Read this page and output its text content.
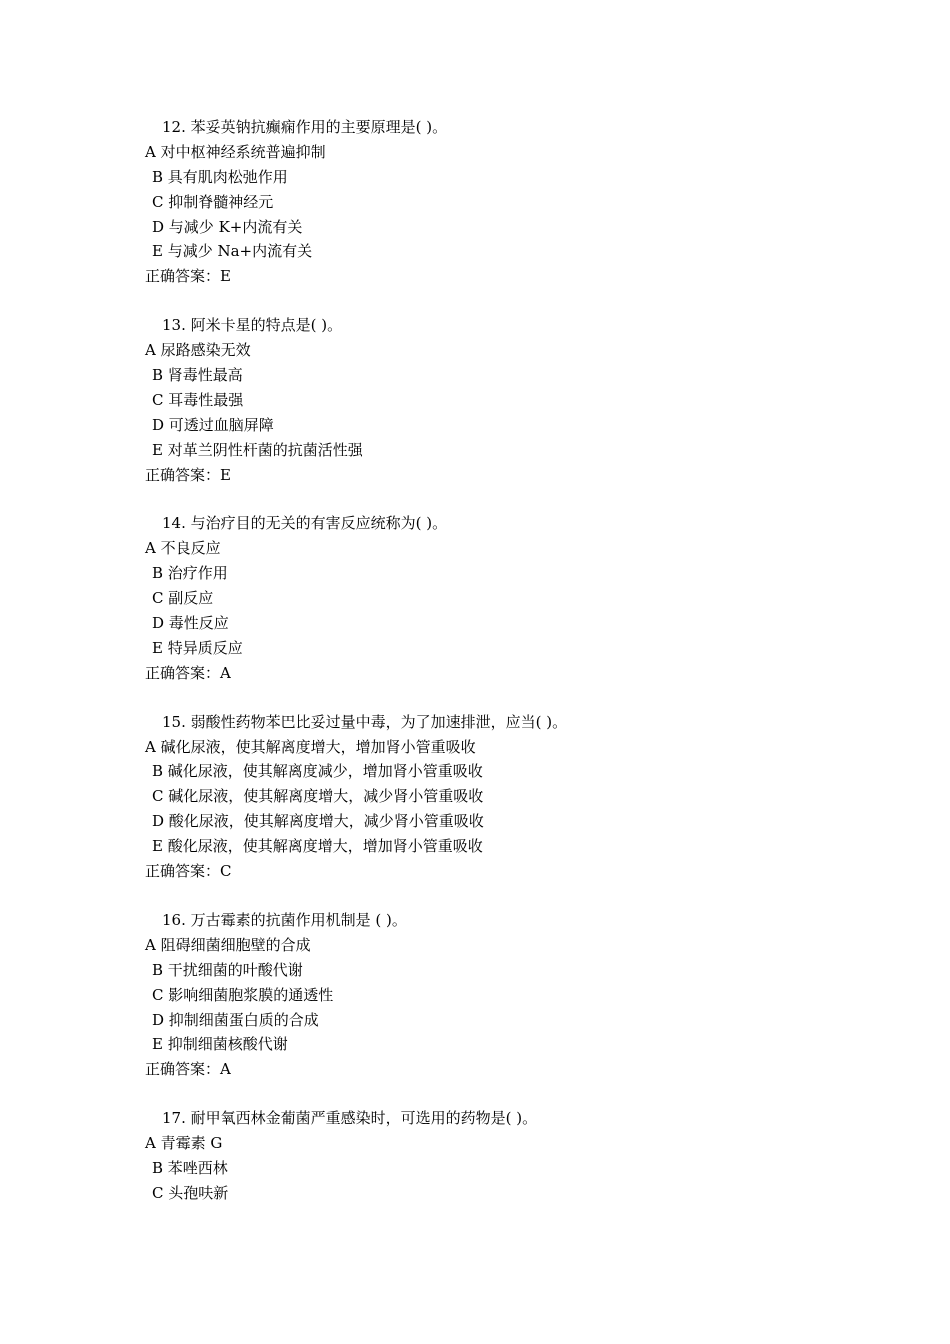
12. 苯妥英钠抗癫痫作用的主要原理是( )。
A 对中枢神经系统普遍抑制
B 具有肌肉松弛作用
C 抑制脊髓神经元
D 与减少 K+内流有关
E 与减少 Na+内流有关
正确答案：E
13. 阿米卡星的特点是( )。
A 尿路感染无效
B 肾毒性最高
C 耳毒性最强
D 可透过血脑屏障
E 对革兰阴性杆菌的抗菌活性强
正确答案：E
14. 与治疗目的无关的有害反应统称为( )。
A 不良反应
B 治疗作用
C 副反应
D 毒性反应
E 特异质反应
正确答案：A
15. 弱酸性药物苯巴比妥过量中毒，为了加速排泄，应当( )。
A 碱化尿液，使其解离度增大，增加肾小管重吸收
B 碱化尿液，使其解离度减少，增加肾小管重吸收
C 碱化尿液，使其解离度增大，减少肾小管重吸收
D 酸化尿液，使其解离度增大，减少肾小管重吸收
E 酸化尿液，使其解离度增大，增加肾小管重吸收
正确答案：C
16. 万古霉素的抗菌作用机制是 ( )。
A 阻碍细菌细胞壁的合成
B 干扰细菌的叶酸代谢
C 影响细菌胞浆膜的通透性
D 抑制细菌蛋白质的合成
E 抑制细菌核酸代谢
正确答案：A
17. 耐甲氧西林金葡菌严重感染时，可选用的药物是( )。
A 青霉素 G
B 苯唑西林
C 头孢呋新
